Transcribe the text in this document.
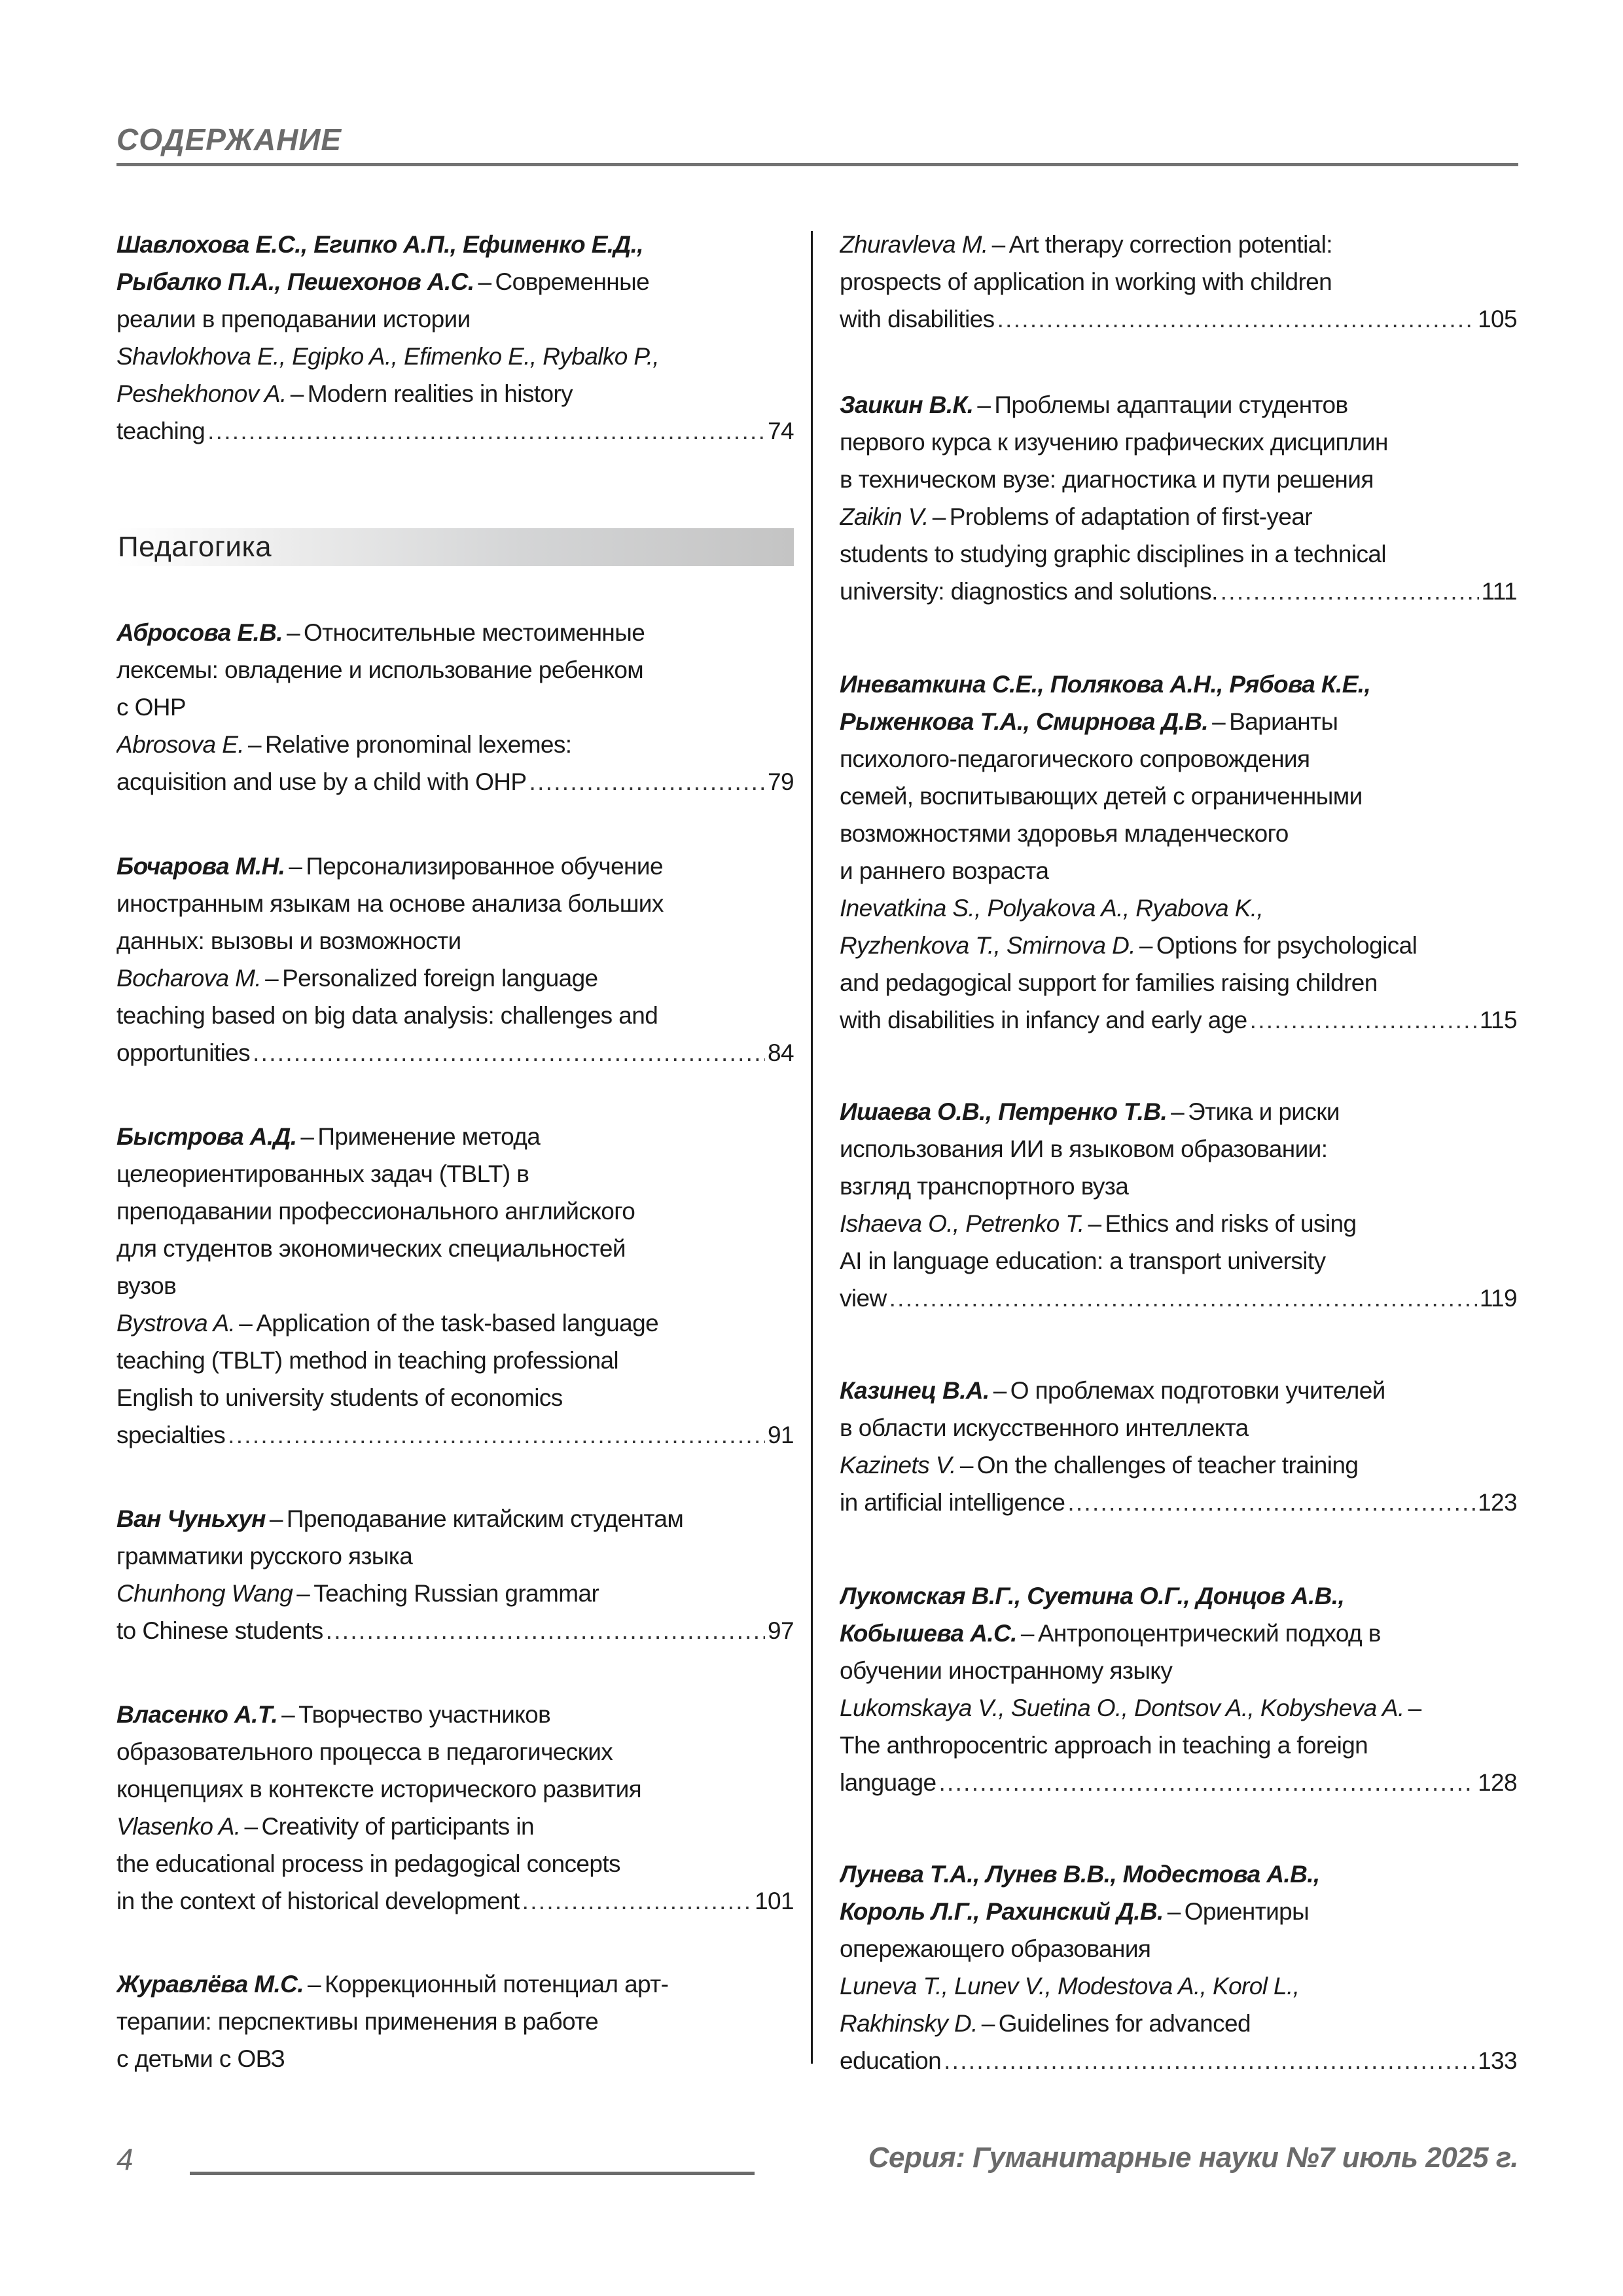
СОДЕРЖАНИЕ
Шавлохова Е.С., Египко А.П., Ефименко Е.Д.,
Рыбалко П.А., Пешехонов А.С. – Современные
реалии в преподавании истории
Shavlokhova E., Egipko A., Efimenko E., Rybalko P.,
Peshekhonov A. – Modern realities in history
teaching . . .	74
Педагогика
Абросова Е.В. – Относительные местоименные
лексемы: овладение и использование ребенком
с ОНР
Abrosova E. – Relative pronominal lexemes:
acquisition and use by a child with OHP . . .	79
Бочарова М.Н. – Персонализированное обучение
иностранным языкам на основе анализа больших
данных: вызовы и возможности
Bocharova M. – Personalized foreign language
teaching based on big data analysis: challenges and
opportunities . . .	84
Быстрова А.Д. – Применение метода
целеориентированных задач (TBLT) в
преподавании профессионального английского
для студентов экономических специальностей
вузов
Bystrova A. – Application of the task-based language
teaching (TBLT) method in teaching professional
English to university students of economics
specialties . . .	91
Ван Чуньхун – Преподавание китайским студентам
грамматики русского языка
Chunhong Wang – Teaching Russian grammar
to Chinese students . . .	97
Власенко А.Т. – Творчество участников
образовательного процесса в педагогических
концепциях в контексте исторического развития
Vlasenko A. – Creativity of participants in
the educational process in pedagogical concepts
in the context of historical development . . .	101
Журавлёва М.С. – Коррекционный потенциал арт-
терапии: перспективы применения в работе
с детьми с ОВЗ
Zhuravleva M. – Art therapy correction potential:
prospects of application in working with children
with disabilities . . .	105
Заикин В.К. – Проблемы адаптации студентов
первого курса к изучению графических дисциплин
в техническом вузе: диагностика и пути решения
Zaikin V. – Problems of adaptation of first-year
students to studying graphic disciplines in a technical
university: diagnostics and solutions. . . .	111
Иневаткина С.Е., Полякова А.Н., Рябова К.Е.,
Рыженкова Т.А., Смирнова Д.В. – Варианты
психолого-педагогического сопровождения
семей, воспитывающих детей с ограниченными
возможностями здоровья младенческого
и раннего возраста
Inevatkina S., Polyakova A., Ryabova K.,
Ryzhenkova T., Smirnova D. – Options for psychological
and pedagogical support for families raising children
with disabilities in infancy and early age . . .	115
Ишаева О.В., Петренко Т.В. – Этика и риски
использования ИИ в языковом образовании:
взгляд транспортного вуза
Ishaeva O., Petrenko T. – Ethics and risks of using
AI in language education: a transport university
view . . .	119
Казинец В.А. – О проблемах подготовки учителей
в области искусственного интеллекта
Kazinets V. – On the challenges of teacher training
in artificial intelligence . . .	123
Лукомская В.Г., Суетина О.Г., Донцов А.В.,
Кобышева А.С. – Антропоцентрический подход в
обучении иностранному языку
Lukomskaya V., Suetina O., Dontsov A., Kobysheva A. –
The anthropocentric approach in teaching a foreign
language . . .	128
Лунева Т.А., Лунев В.В., Модестова А.В.,
Король Л.Г., Рахинский Д.В. – Ориентиры
опережающего образования
Luneva T., Lunev V., Modestova A., Korol L.,
Rakhinsky D. – Guidelines for advanced
education . . .	133
4	Серия: Гуманитарные науки №7 июль 2025 г.
